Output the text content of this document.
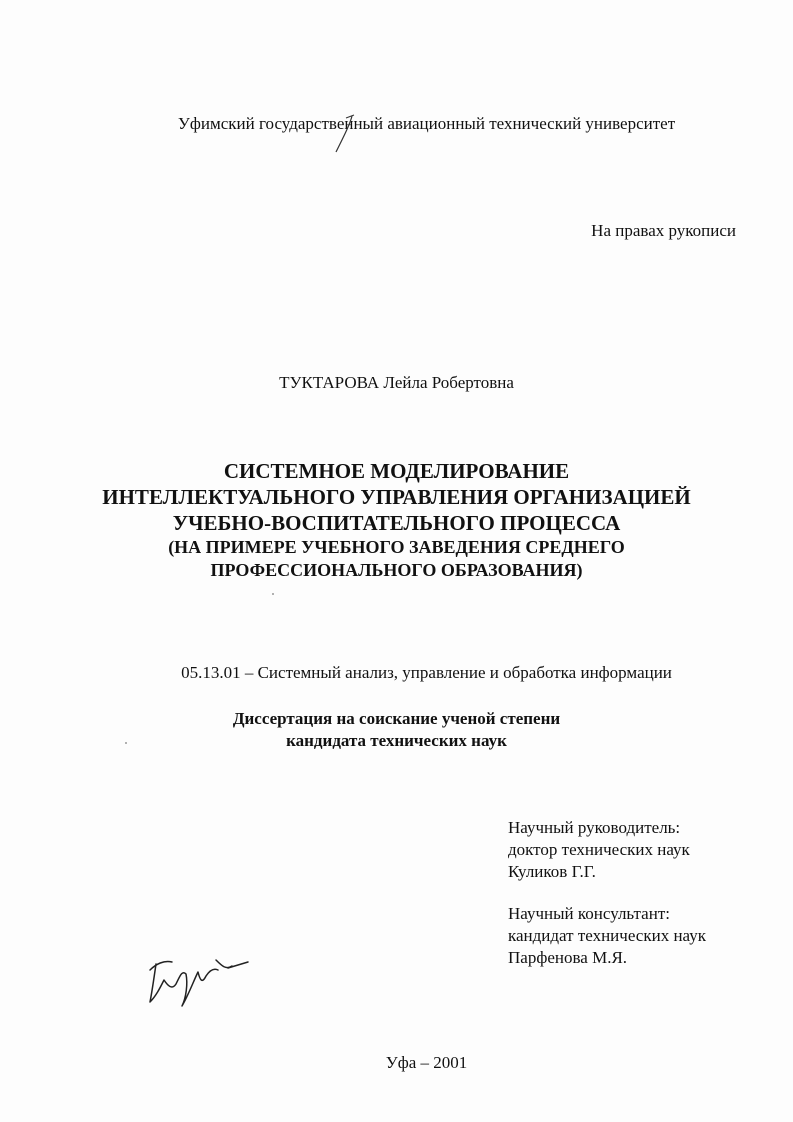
Уфимский государственный авиационный технический университет
На правах рукописи
ТУКТАРОВА Лейла Робертовна
СИСТЕМНОЕ МОДЕЛИРОВАНИЕ
ИНТЕЛЛЕКТУАЛЬНОГО УПРАВЛЕНИЯ ОРГАНИЗАЦИЕЙ
УЧЕБНО-ВОСПИТАТЕЛЬНОГО ПРОЦЕССА
(НА ПРИМЕРЕ УЧЕБНОГО ЗАВЕДЕНИЯ СРЕДНЕГО
ПРОФЕССИОНАЛЬНОГО ОБРАЗОВАНИЯ)
05.13.01 – Системный анализ, управление и обработка информации
Диссертация на соискание ученой степени
кандидата технических наук
Научный руководитель:
доктор технических наук
Куликов Г.Г.
Научный консультант:
кандидат технических наук
Парфенова М.Я.
Уфа – 2001
